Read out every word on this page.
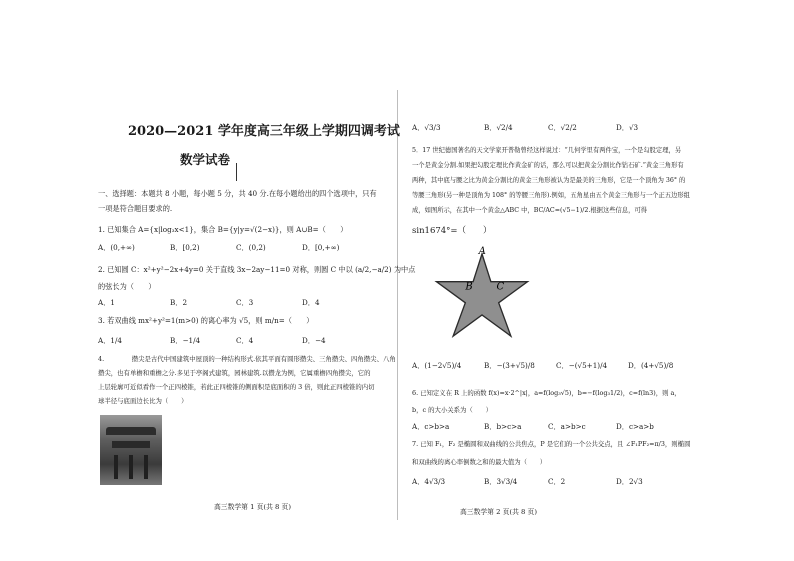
2020—2021 学年度高三年级上学期四调考试
数学试卷
一、选择题：本题共 8 小题，每小题 5 分，共 40 分.在每小题给出的四个选项中，只有
一项是符合题目要求的.
1. 已知集合 A={x|log₃x<1}，集合 B={y|y=√(2−x)}，则 A∪B=（　　）
A．(0,+∞)	B．[0,2)	C．(0,2)	D．[0,+∞)
2. 已知圆 C：x²+y²−2x+4y=0 关于直线 3x−2ay−11=0 对称，则圆 C 中以 (a/2,−a/2) 为中点
的弦长为（　　）
A．1	B．2	C．3	D．4
3. 若双曲线 mx²+y²=1(m>0) 的离心率为 √5，则 m/n=（　　）
A．1/4	B．−1/4	C．4	D．−4
4.　　　　 攒尖是古代中国建筑中屋顶的一种结构形式.依其平面有圆形攒尖、三角攒尖、四角攒尖、八角
攒尖，也有单檐和重檐之分.多见于亭阁式建筑，园林建筑.以攒龙为例，它属重檐四角攒尖，它的
上层轮廓可近似看作一个正四棱锥，若此正四棱锥的侧面积是底面积的 3 倍，则此正四棱锥的内切
球半径与底面边长比为（　　）
高三数学第 1 页(共 8 页)
A．√3/3	B．√2/4	C．√2/2	D．√3
5．17 世纪德国著名的天文学家开普勒曾经这样说过：“几何学里有两件宝，一个是勾股定理，另
一个是黄金分割.如果把勾股定理比作黄金矿的话，那么可以把黄金分割比作钻石矿.”黄金三角形有
两种，其中底与腰之比为黄金分割比的黄金三角形被认为是最美的三角形，它是一个顶角为 36° 的
等腰三角形(另一种是顶角为 108° 的等腰三角形).例如，五角星由五个黄金三角形与一个正五边形组
成，如图所示，在其中一个黄金△ABC 中，BC/AC=(√5−1)/2.根据这些信息，可得
sin1674°=（　　）
A．(1−2√5)/4	B．−(3+√5)/8	C．−(√5+1)/4	D．(4+√5)/8
6. 已知定义在 R 上的函数 f(x)=x·2^|x|，a=f(log₃√5)，b=−f(log₃1/2)，c=f(ln3)，则 a，
b，c 的大小关系为（　　）
A．c>b>a	B．b>c>a	C．a>b>c	D．c>a>b
7. 已知 F₁，F₂ 是椭圆和双曲线的公共焦点，P 是它们的一个公共交点，且 ∠F₁PF₂=π/3，则椭圆
和双曲线的离心率倒数之和的最大值为（　　）
A．4√3/3	B．3√3/4	C．2	D．2√3
高三数学第 2 页(共 8 页)
A
B	C
